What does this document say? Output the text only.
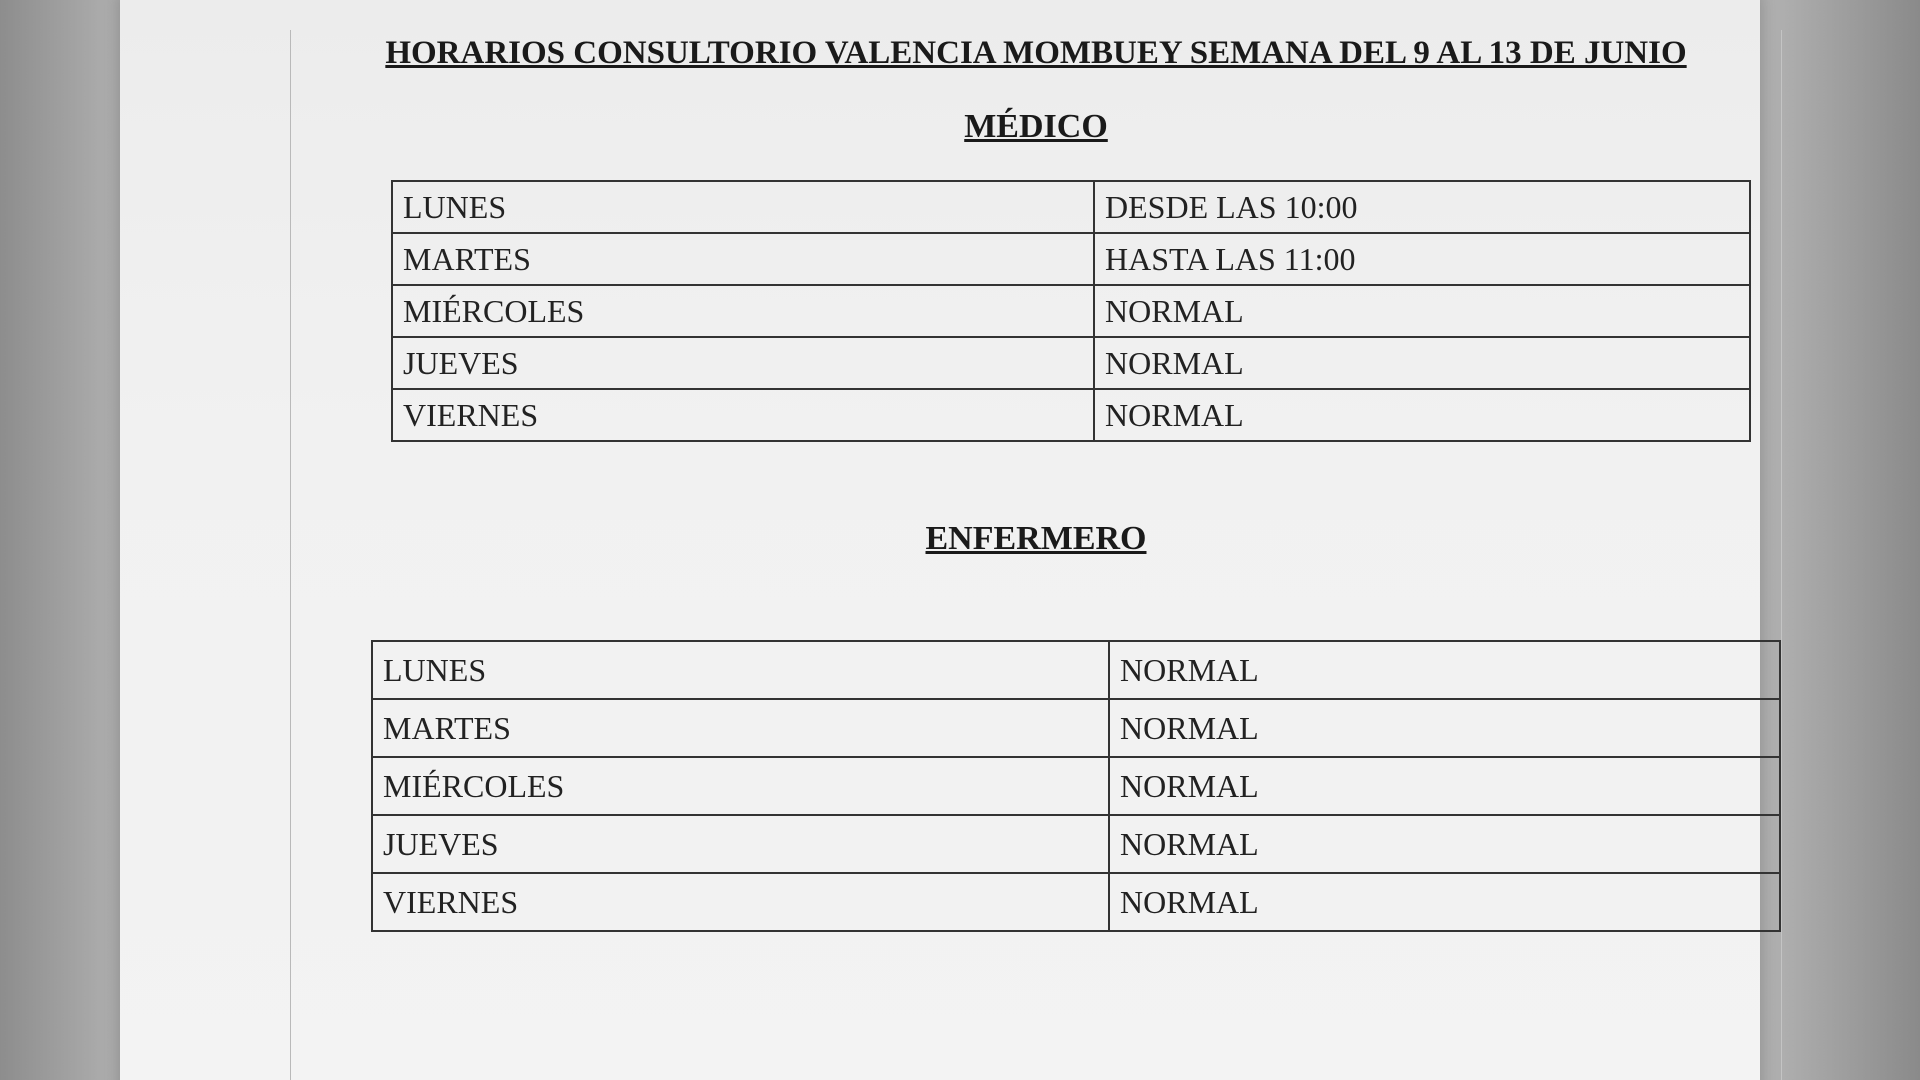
HORARIOS CONSULTORIO VALENCIA MOMBUEY SEMANA DEL 9 AL 13 DE JUNIO
MÉDICO
LUNES	DESDE LAS 10:00
MARTES	HASTA LAS 11:00
MIÉRCOLES	NORMAL
JUEVES	NORMAL
VIERNES	NORMAL
ENFERMERO
LUNES	NORMAL
MARTES	NORMAL
MIÉRCOLES	NORMAL
JUEVES	NORMAL
VIERNES	NORMAL
